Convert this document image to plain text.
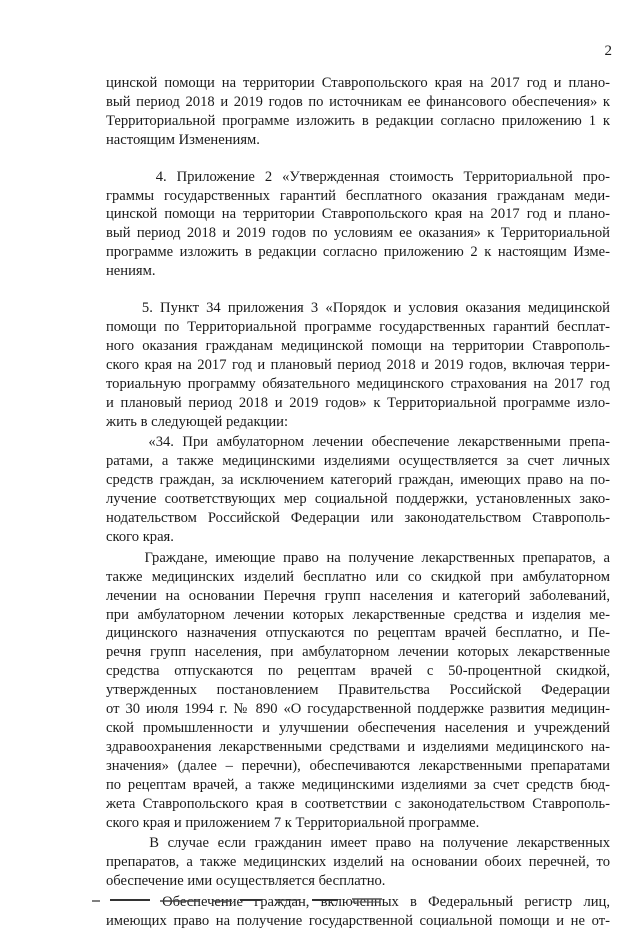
2
цинской помощи на территории Ставропольского края на 2017 год и плано-
вый период 2018 и 2019 годов по источникам ее финансового обеспечения» к
Территориальной программе изложить в редакции согласно приложению 1 к
настоящим Изменениям.
4. Приложение 2 «Утвержденная стоимость Территориальной про-
граммы государственных гарантий бесплатного оказания гражданам меди-
цинской помощи на территории Ставропольского края на 2017 год и плано-
вый период 2018 и 2019 годов по условиям ее оказания» к Территориальной
программе изложить в редакции согласно приложению 2 к настоящим Изме-
нениям.
5. Пункт 34 приложения 3 «Порядок и условия оказания медицинской
помощи по Территориальной программе государственных гарантий бесплат-
ного оказания гражданам медицинской помощи на территории Ставрополь-
ского края на 2017 год и плановый период 2018 и 2019 годов, включая терри-
ториальную программу обязательного медицинского страхования на 2017 год
и плановый период 2018 и 2019 годов» к Территориальной программе изло-
жить в следующей редакции:
«34. При амбулаторном лечении обеспечение лекарственными препа-
ратами, а также медицинскими изделиями осуществляется за счет личных
средств граждан, за исключением категорий граждан, имеющих право на по-
лучение соответствующих мер социальной поддержки, установленных зако-
нодательством Российской Федерации или законодательством Ставрополь-
ского края.
Граждане, имеющие право на получение лекарственных препаратов, а
также медицинских изделий бесплатно или со скидкой при амбулаторном
лечении на основании Перечня групп населения и категорий заболеваний,
при амбулаторном лечении которых лекарственные средства и изделия ме-
дицинского назначения отпускаются по рецептам врачей бесплатно, и Пе-
речня групп населения, при амбулаторном лечении которых лекарственные
средства отпускаются по рецептам врачей с 50-процентной скидкой,
утвержденных постановлением Правительства Российской Федерации
от 30 июля 1994 г. № 890 «О государственной поддержке развития медицин-
ской промышленности и улучшении обеспечения населения и учреждений
здравоохранения лекарственными средствами и изделиями медицинского на-
значения» (далее – перечни), обеспечиваются лекарственными препаратами
по рецептам врачей, а также медицинскими изделиями за счет средств бюд-
жета Ставропольского края в соответствии с законодательством Ставрополь-
ского края и приложением 7 к Территориальной программе.
В случае если гражданин имеет право на получение лекарственных
препаратов, а также медицинских изделий на основании обоих перечней, то
обеспечение ими осуществляется бесплатно.
Обеспечение граждан, включенных в Федеральный регистр лиц,
имеющих право на получение государственной социальной помощи и не от-
